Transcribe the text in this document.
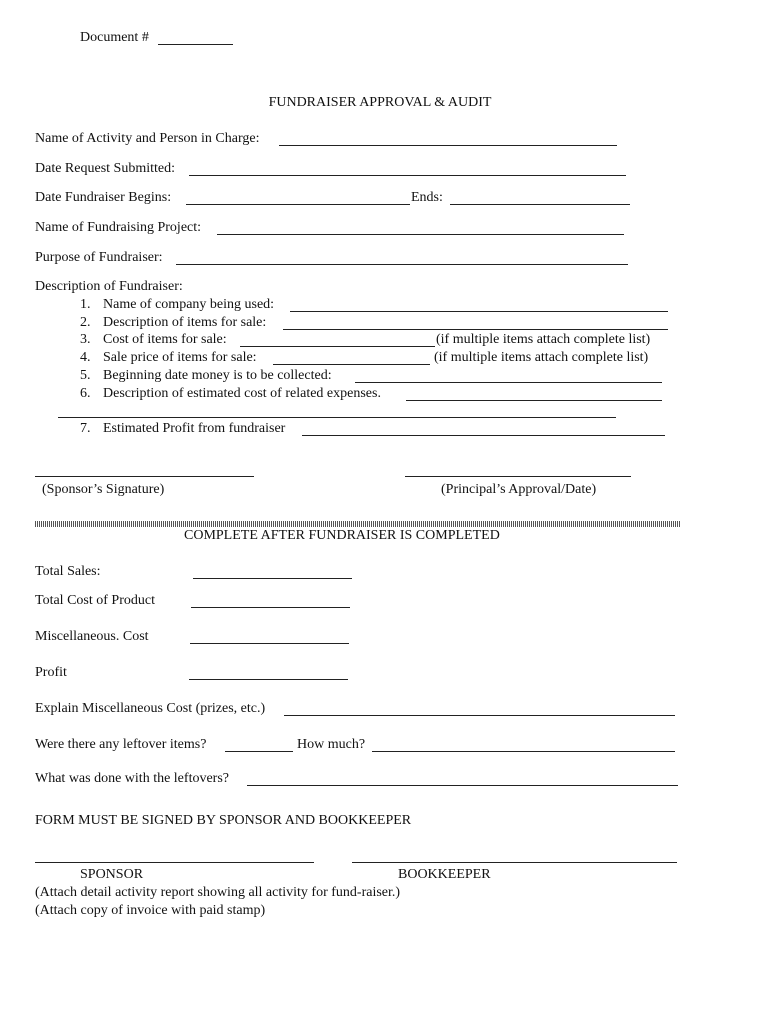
Document #
FUNDRAISER APPROVAL & AUDIT
Name of Activity and Person in Charge:
Date Request Submitted:
Date Fundraiser Begins:	Ends:
Name of Fundraising Project:
Purpose of Fundraiser:
Description of Fundraiser:
1. Name of company being used:
2. Description of items for sale:
3. Cost of items for sale:	(if multiple items attach complete list)
4. Sale price of items for sale:	(if multiple items attach complete list)
5. Beginning date money is to be collected:
6. Description of estimated cost of related expenses.
7. Estimated Profit from fundraiser
(Sponsor’s Signature)	(Principal’s Approval/Date)
COMPLETE AFTER FUNDRAISER IS COMPLETED
Total Sales:
Total Cost of Product
Miscellaneous. Cost
Profit
Explain Miscellaneous Cost (prizes, etc.)
Were there any leftover items?	How much?
What was done with the leftovers?
FORM MUST BE SIGNED BY SPONSOR AND BOOKKEEPER
SPONSOR	BOOKKEEPER
(Attach detail activity report showing all activity for fund-raiser.)
(Attach copy of invoice with paid stamp)
